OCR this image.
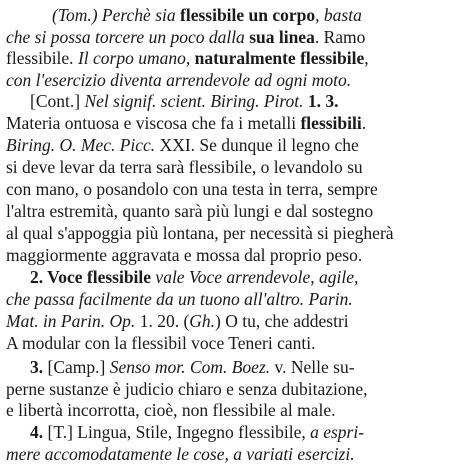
(Tom.) Perchè sia flessibile un corpo, basta
che si possa torcere un poco dalla sua linea. Ramo
flessibile. Il corpo umano, naturalmente flessibile,
con l'esercizio diventa arrendevole ad ogni moto.
[Cont.] Nel signif. scient. Biring. Pirot. 1. 3.
Materia ontuosa e viscosa che fa i metalli flessibili.
Biring. O. Mec. Picc. XXI. Se dunque il legno che
si deve levar da terra sarà flessibile, o levandolo su
con mano, o posandolo con una testa in terra, sempre
l'altra estremità, quanto sarà più lungi e dal sostegno
al qual s'appoggia più lontana, per necessità si piegherà
maggiormente aggravata e mossa dal proprio peso.
2. Voce flessibile vale Voce arrendevole, agile,
che passa facilmente da un tuono all'altro. Parin.
Mat. in Parin. Op. 1. 20. (Gh.) O tu, che addestri
A modular con la flessibil voce Teneri canti.
3. [Camp.] Senso mor. Com. Boez. v. Nelle su-
perne sustanze è judicio chiaro e senza dubitazione,
e libertà incorrotta, cioè, non flessibile al male.
4. [T.] Lingua, Stile, Ingegno flessibile, a espri-
mere accomodatamente le cose, a variati esercizi.
